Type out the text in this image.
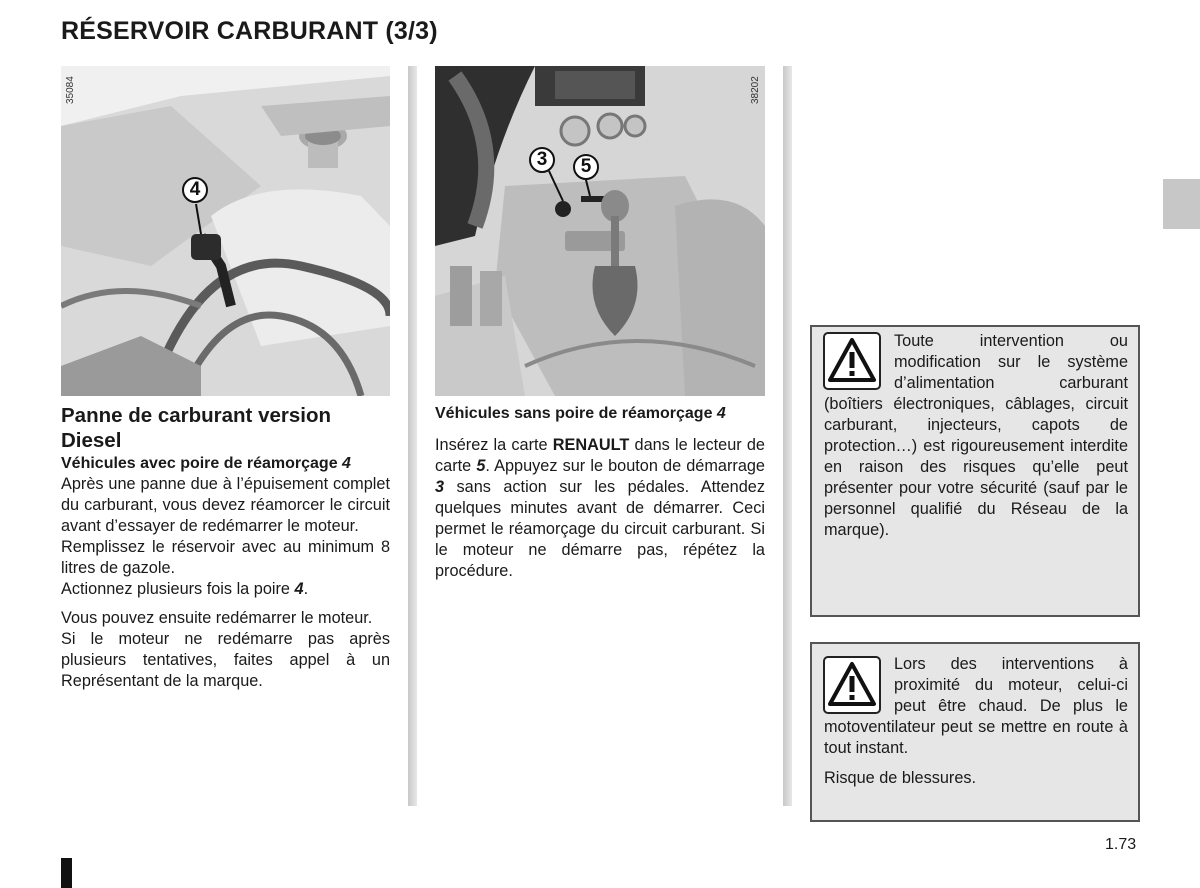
RÉSERVOIR CARBURANT (3/3)
4
35084
3	5
38202

Panne de carburant version Diesel

Véhicules avec poire de réamorçage 4

Après une panne due à l’épuisement complet du carburant, vous devez réamorcer le circuit avant d’essayer de redémarrer le moteur.

Remplissez le réservoir avec au minimum 8 litres de gazole.

Actionnez plusieurs fois la poire 4.

Vous pouvez ensuite redémarrer le moteur.

Si le moteur ne redémarre pas après plusieurs tentatives, faites appel à un Représentant de la marque.

Véhicules sans poire de réamorçage 4

Insérez la carte RENAULT dans le lecteur de carte 5. Appuyez sur le bouton de démarrage 3 sans action sur les pédales. Attendez quelques minutes avant de démarrer. Ceci permet le réamorçage du circuit carburant. Si le moteur ne démarre pas, répétez la procédure.

Toute intervention ou modification sur le système d’alimentation carburant (boîtiers électroniques, câblages, circuit carburant, injecteurs, capots de protection…) est rigoureusement interdite en raison des risques qu’elle peut présenter pour votre sécurité (sauf par le personnel qualifié du Réseau de la marque).

Lors des interventions à proximité du moteur, celui-ci peut être chaud. De plus le motoventilateur peut se mettre en route à tout instant.

Risque de blessures.

1.73
